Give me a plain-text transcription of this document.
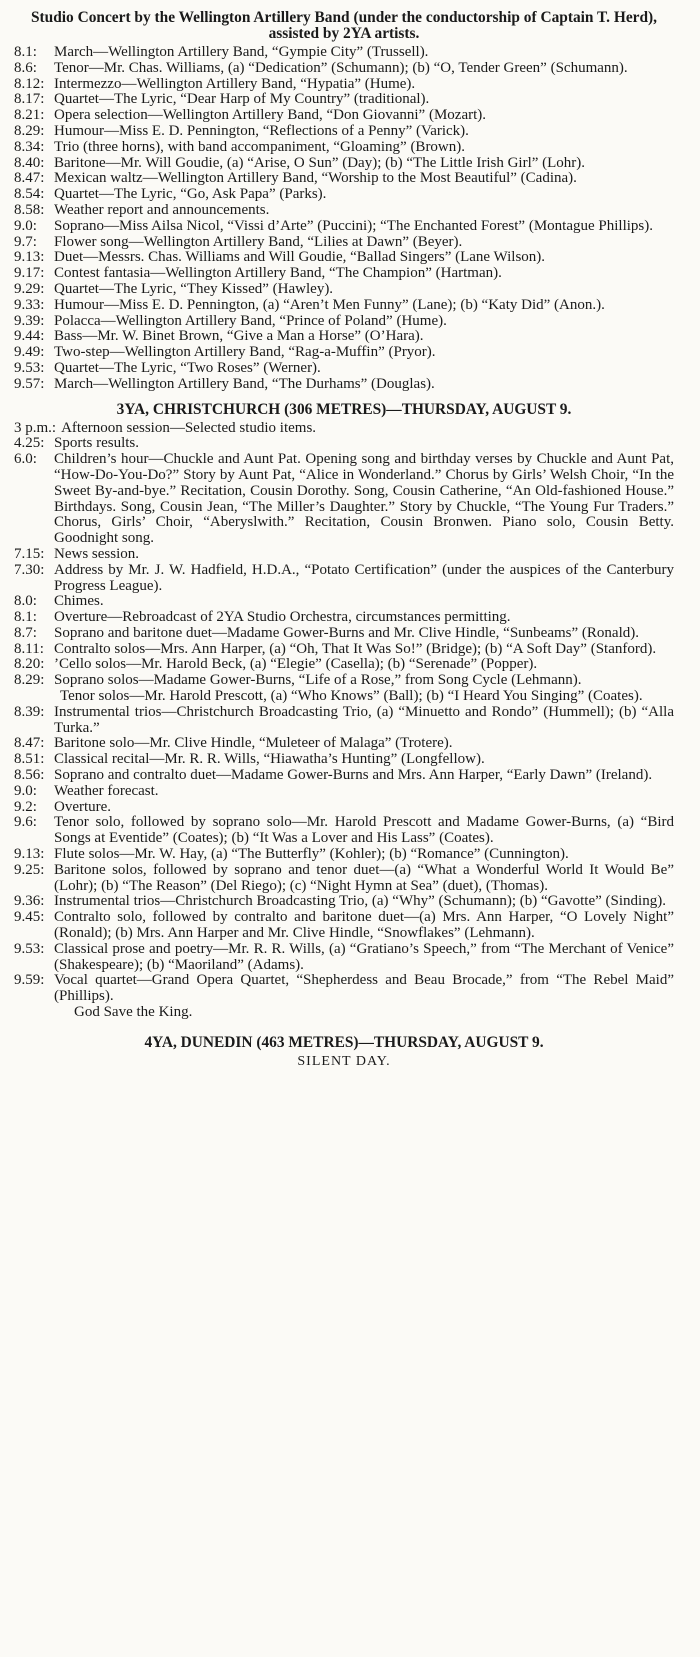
Studio Concert by the Wellington Artillery Band (under the conductorship of Captain T. Herd), assisted by 2YA artists.
8.1:	March—Wellington Artillery Band, “Gympie City” (Trussell).
8.6:	Tenor—Mr. Chas. Williams, (a) “Dedication” (Schumann); (b) “O, Tender Green” (Schumann).
8.12: Intermezzo—Wellington Artillery Band, “Hypatia” (Hume).
8.17: Quartet—The Lyric, “Dear Harp of My Country” (traditional).
8.21: Opera selection—Wellington Artillery Band, “Don Giovanni” (Mozart).
8.29: Humour—Miss E. D. Pennington, “Reflections of a Penny” (Varick).
8.34: Trio (three horns), with band accompaniment, “Gloaming” (Brown).
8.40: Baritone—Mr. Will Goudie, (a) “Arise, O Sun” (Day); (b) “The Little Irish Girl” (Lohr).
8.47: Mexican waltz—Wellington Artillery Band, “Worship to the Most Beautiful” (Cadina).
8.54: Quartet—The Lyric, “Go, Ask Papa” (Parks).
8.58: Weather report and announcements.
9.0:	Soprano—Miss Ailsa Nicol, “Vissi d’Arte” (Puccini); “The Enchanted Forest” (Montague Phillips).
9.7:	Flower song—Wellington Artillery Band, “Lilies at Dawn” (Beyer).
9.13: Duet—Messrs. Chas. Williams and Will Goudie, “Ballad Singers” (Lane Wilson).
9.17: Contest fantasia—Wellington Artillery Band, “The Champion” (Hartman).
9.29: Quartet—The Lyric, “They Kissed” (Hawley).
9.33: Humour—Miss E. D. Pennington, (a) “Aren’t Men Funny” (Lane); (b) “Katy Did” (Anon.).
9.39: Polacca—Wellington Artillery Band, “Prince of Poland” (Hume).
9.44: Bass—Mr. W. Binet Brown, “Give a Man a Horse” (O’Hara).
9.49: Two-step—Wellington Artillery Band, “Rag-a-Muffin” (Pryor).
9.53: Quartet—The Lyric, “Two Roses” (Werner).
9.57: March—Wellington Artillery Band, “The Durhams” (Douglas).
3YA, CHRISTCHURCH (306 METRES)—THURSDAY, AUGUST 9.
3 p.m.: Afternoon session—Selected studio items.
4.25: Sports results.
6.0:	Children’s hour—Chuckle and Aunt Pat. Opening song and birthday verses by Chuckle and Aunt Pat, “How-Do-You-Do?” Story by Aunt Pat, “Alice in Wonderland.” Chorus by Girls’ Welsh Choir, “In the Sweet By-and-bye.” Recitation, Cousin Dorothy. Song, Cousin Catherine, “An Old-fashioned House.” Birthdays. Song, Cousin Jean, “The Miller’s Daughter.” Story by Chuckle, “The Young Fur Traders.” Chorus, Girls’ Choir, “Aberyslwith.” Recitation, Cousin Bronwen. Piano solo, Cousin Betty. Goodnight song.
7.15: News session.
7.30: Address by Mr. J. W. Hadfield, H.D.A., “Potato Certification” (under the auspices of the Canterbury Progress League).
8.0:	Chimes.
8.1:	Overture—Rebroadcast of 2YA Studio Orchestra, circumstances permitting.
8.7:	Soprano and baritone duet—Madame Gower-Burns and Mr. Clive Hindle, “Sunbeams” (Ronald).
8.11: Contralto solos—Mrs. Ann Harper, (a) “Oh, That It Was So!” (Bridge); (b) “A Soft Day” (Stanford).
8.20: ’Cello solos—Mr. Harold Beck, (a) “Elegie” (Casella); (b) “Serenade” (Popper).
8.29: Soprano solos—Madame Gower-Burns, “Life of a Rose,” from Song Cycle (Lehmann).
Tenor solos—Mr. Harold Prescott, (a) “Who Knows” (Ball); (b) “I Heard You Singing” (Coates).
8.39: Instrumental trios—Christchurch Broadcasting Trio, (a) “Minuetto and Rondo” (Hummell); (b) “Alla Turka.”
8.47: Baritone solo—Mr. Clive Hindle, “Muleteer of Malaga” (Trotere).
8.51: Classical recital—Mr. R. R. Wills, “Hiawatha’s Hunting” (Longfellow).
8.56: Soprano and contralto duet—Madame Gower-Burns and Mrs. Ann Harper, “Early Dawn” (Ireland).
9.0:	Weather forecast.
9.2:	Overture.
9.6:	Tenor solo, followed by soprano solo—Mr. Harold Prescott and Madame Gower-Burns, (a) “Bird Songs at Eventide” (Coates); (b) “It Was a Lover and His Lass” (Coates).
9.13: Flute solos—Mr. W. Hay, (a) “The Butterfly” (Kohler); (b) “Romance” (Cunnington).
9.25: Baritone solos, followed by soprano and tenor duet—(a) “What a Wonderful World It Would Be” (Lohr); (b) “The Reason” (Del Riego); (c) “Night Hymn at Sea” (duet), (Thomas).
9.36: Instrumental trios—Christchurch Broadcasting Trio, (a) “Why” (Schumann); (b) “Gavotte” (Sinding).
9.45: Contralto solo, followed by contralto and baritone duet—(a) Mrs. Ann Harper, “O Lovely Night” (Ronald); (b) Mrs. Ann Harper and Mr. Clive Hindle, “Snowflakes” (Lehmann).
9.53: Classical prose and poetry—Mr. R. R. Wills, (a) “Gratiano’s Speech,” from “The Merchant of Venice” (Shakespeare); (b) “Maoriland” (Adams).
9.59: Vocal quartet—Grand Opera Quartet, “Shepherdess and Beau Brocade,” from “The Rebel Maid” (Phillips).
God Save the King.
4YA, DUNEDIN (463 METRES)—THURSDAY, AUGUST 9.
SILENT DAY.
